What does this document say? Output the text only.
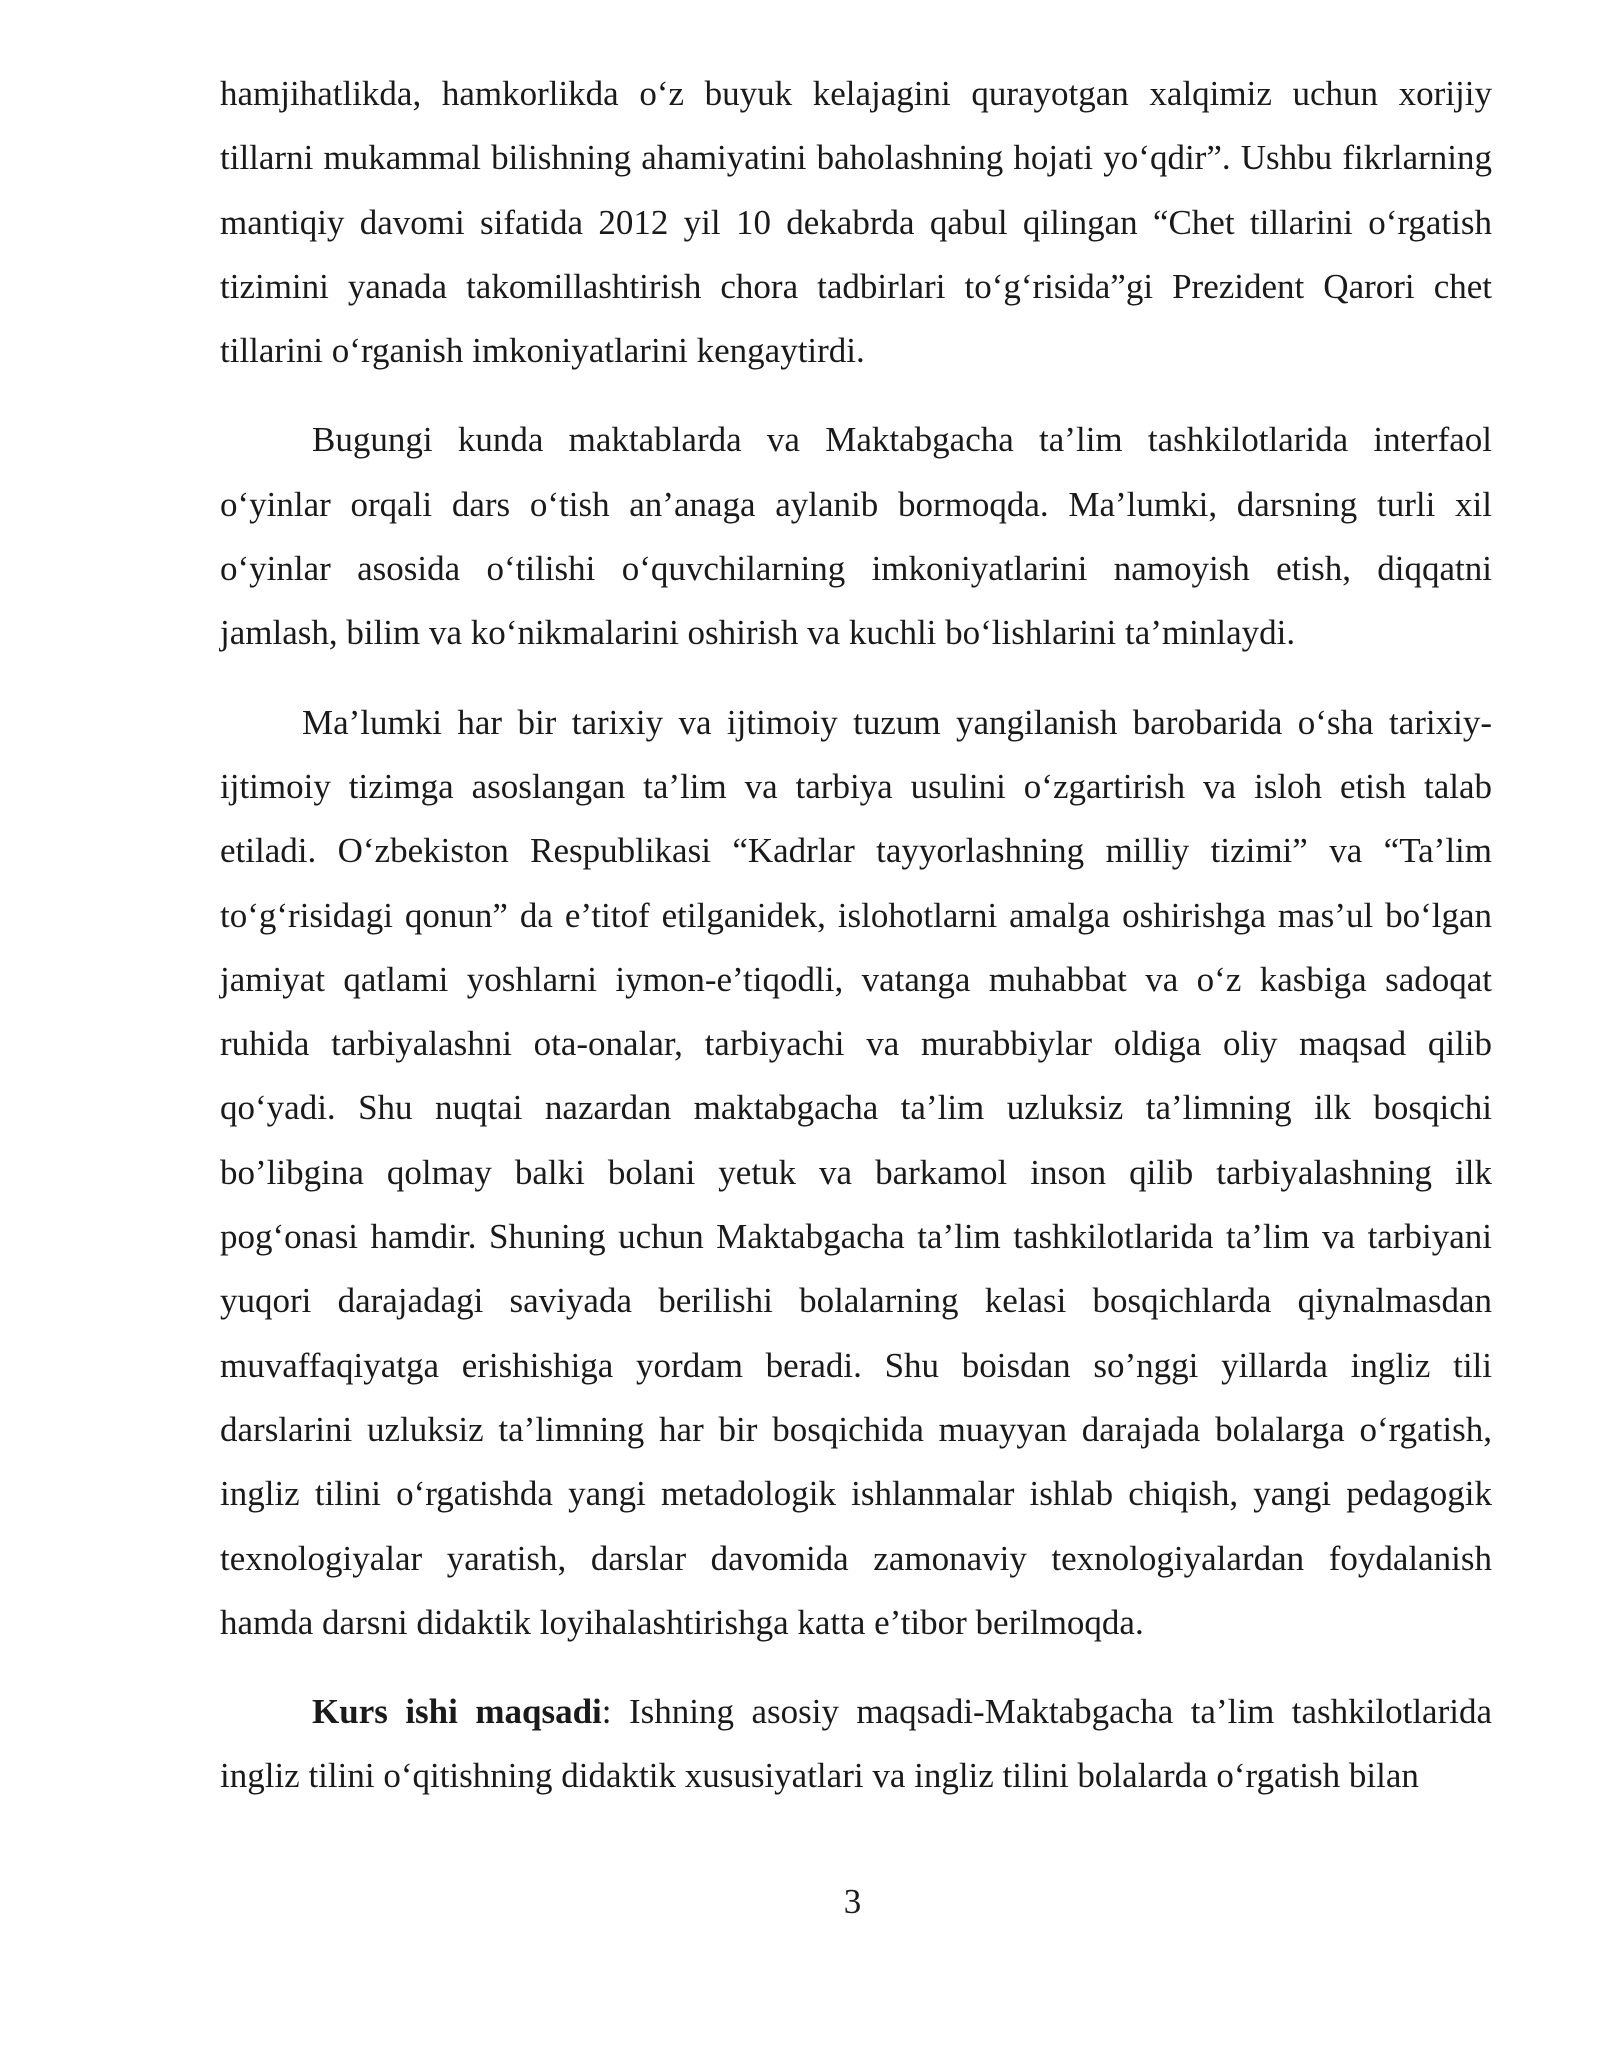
hamjihatlikda, hamkorlikda o‘z buyuk kelajagini qurayotgan xalqimiz uchun xorijiy tillarni mukammal bilishning ahamiyatini baholashning hojati yo‘qdir”. Ushbu fikrlarning mantiqiy davomi sifatida 2012 yil 10 dekabrda qabul qilingan “Chet tillarini o‘rgatish tizimini yanada takomillashtirish chora tadbirlari to‘g‘risida”gi Prezident Qarori chet tillarini o‘rganish imkoniyatlarini kengaytirdi.

Bugungi kunda maktablarda va Maktabgacha ta’lim tashkilotlarida interfaol o‘yinlar orqali dars o‘tish an’anaga aylanib bormoqda. Ma’lumki, darsning turli xil o‘yinlar asosida o‘tilishi o‘quvchilarning imkoniyatlarini namoyish etish, diqqatni jamlash, bilim va ko‘nikmalarini oshirish va kuchli bo‘lishlarini ta’minlaydi.

Ma’lumki har bir tarixiy va ijtimoiy tuzum yangilanish barobarida o‘sha tarixiy-ijtimoiy tizimga asoslangan ta’lim va tarbiya usulini o‘zgartirish va isloh etish talab etiladi. O‘zbekiston Respublikasi “Kadrlar tayyorlashning milliy tizimi” va “Ta’lim to‘g‘risidagi qonun” da e’titof etilganidek, islohotlarni amalga oshirishga mas’ul bo‘lgan jamiyat qatlami yoshlarni iymon-e’tiqodli, vatanga muhabbat va o‘z kasbiga sadoqat ruhida tarbiyalashni ota-onalar, tarbiyachi va murabbiylar oldiga oliy maqsad qilib qo‘yadi. Shu nuqtai nazardan maktabgacha ta’lim uzluksiz ta’limning ilk bosqichi bo’libgina qolmay balki bolani yetuk va barkamol inson qilib tarbiyalashning ilk pog‘onasi hamdir. Shuning uchun Maktabgacha ta’lim tashkilotlarida ta’lim va tarbiyani yuqori darajadagi saviyada berilishi bolalarning kelasi bosqichlarda qiynalmasdan muvaffaqiyatga erishishiga yordam beradi. Shu boisdan so’nggi yillarda ingliz tili darslarini uzluksiz ta’limning har bir bosqichida muayyan darajada bolalarga o‘rgatish, ingliz tilini o‘rgatishda yangi metadologik ishlanmalar ishlab chiqish, yangi pedagogik texnologiyalar yaratish, darslar davomida zamonaviy texnologiyalardan foydalanish hamda darsni didaktik loyihalashtirishga katta e’tibor berilmoqda.

Kurs ishi maqsadi: Ishning asosiy maqsadi-Maktabgacha ta’lim tashkilotlarida ingliz tilini o‘qitishning didaktik xususiyatlari va ingliz tilini bolalarda o‘rgatish bilan

3
